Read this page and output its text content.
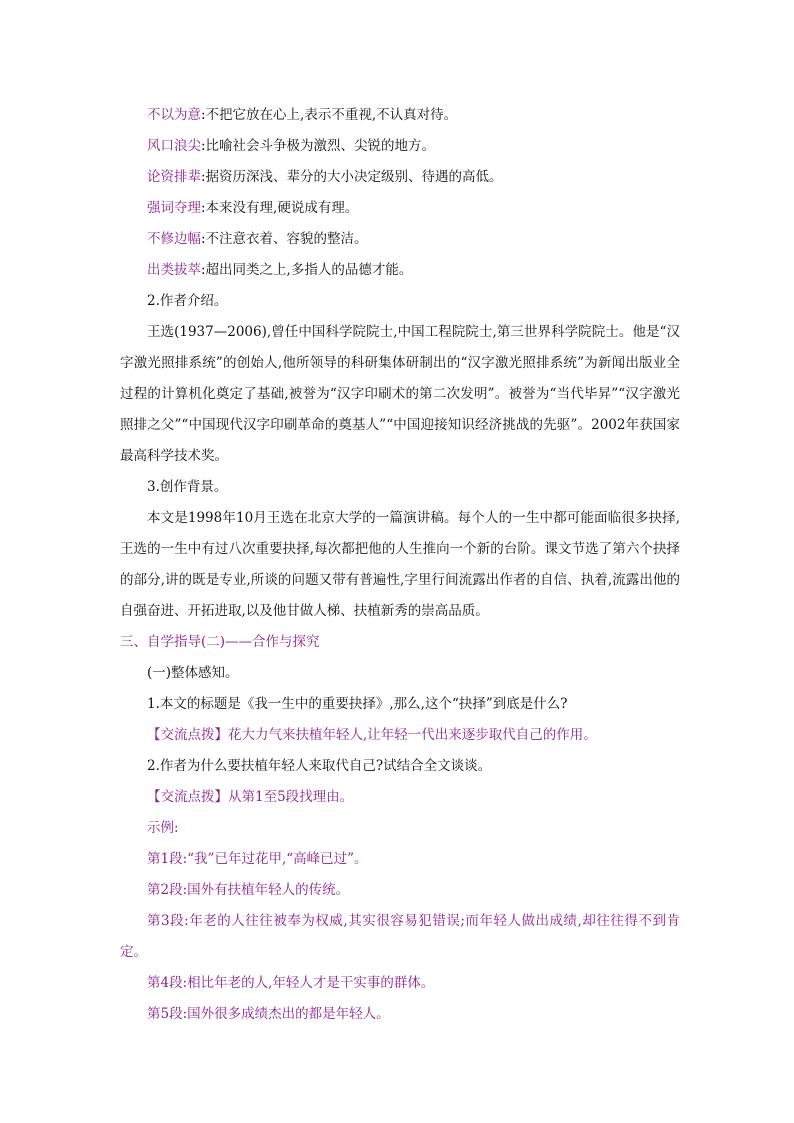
不以为意:不把它放在心上,表示不重视,不认真对待。
风口浪尖:比喻社会斗争极为激烈、尖锐的地方。
论资排辈:据资历深浅、辈分的大小决定级别、待遇的高低。
强词夺理:本来没有理,硬说成有理。
不修边幅:不注意衣着、容貌的整洁。
出类拔萃:超出同类之上,多指人的品德才能。
2.作者介绍。
王选(1937—2006),曾任中国科学院院士,中国工程院院士,第三世界科学院院士。他是“汉字激光照排系统”的创始人,他所领导的科研集体研制出的“汉字激光照排系统”为新闻出版业全过程的计算机化奠定了基础,被誉为“汉字印刷术的第二次发明”。被誉为“当代毕昇”“汉字激光照排之父”“中国现代汉字印刷革命的奠基人”“中国迎接知识经济挑战的先驱”。2002年获国家最高科学技术奖。
3.创作背景。
本文是1998年10月王选在北京大学的一篇演讲稿。每个人的一生中都可能面临很多抉择,王选的一生中有过八次重要抉择,每次都把他的人生推向一个新的台阶。课文节选了第六个抉择的部分,讲的既是专业,所谈的问题又带有普遍性,字里行间流露出作者的自信、执着,流露出他的自强奋进、开拓进取,以及他甘做人梯、扶植新秀的崇高品质。
三、自学指导(二)——合作与探究
(一)整体感知。
1.本文的标题是《我一生中的重要抉择》,那么,这个“抉择”到底是什么?
【交流点拨】花大力气来扶植年轻人,让年轻一代出来逐步取代自己的作用。
2.作者为什么要扶植年轻人来取代自己?试结合全文谈谈。
【交流点拨】从第1至5段找理由。
示例:
第1段:“我”已年过花甲,“高峰已过”。
第2段:国外有扶植年轻人的传统。
第3段:年老的人往往被奉为权威,其实很容易犯错误;而年轻人做出成绩,却往往得不到肯定。
第4段:相比年老的人,年轻人才是干实事的群体。
第5段:国外很多成绩杰出的都是年轻人。
